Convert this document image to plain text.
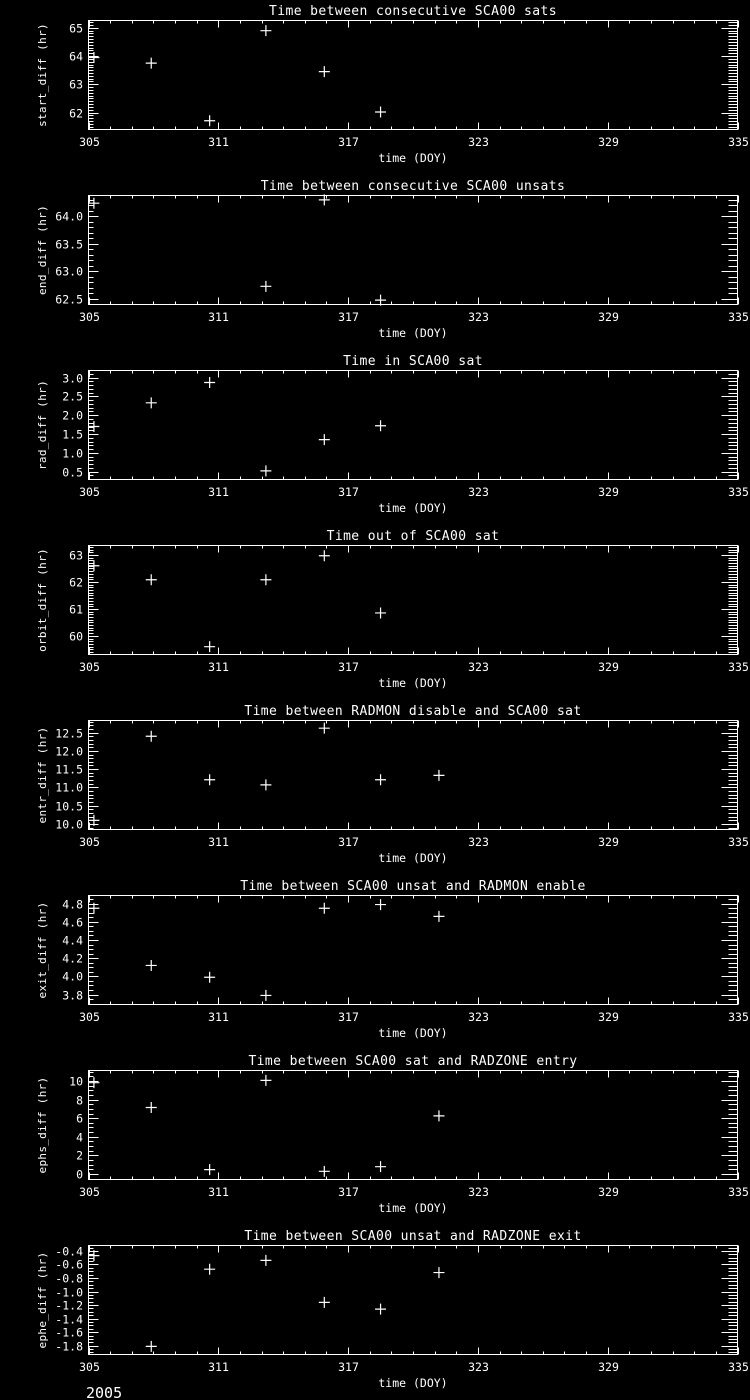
Time between consecutive SCA00 sats
start_diff (hr) 62
63
64
65
305	311	317	323	329	335
time (DOY)
Time between consecutive SCA00 unsats
end_diff (hr)
62.5
63.0
63.5
64.0
305	311	317	323	329	335
time (DOY)
Time in SCA00 sat
rad_diff (hr)
0.5
1.0
1.5
2.0
2.5
3.0
305	311	317	323	329	335
time (DOY)
Time out of SCA00 sat
orbit_diff (hr) 60
61
62
63
305	311	317	323	329	335
time (DOY)
Time between RADMON disable and SCA00 sat
entr_diff (hr)
10.0
10.5
11.0
11.5
12.0
12.5
305	311	317	323	329	335
time (DOY)
Time between SCA00 unsat and RADMON enable
exit_diff (hr) 3.8
4.0
4.2
4.4
4.6
4.8
305	311	317	323	329	335
time (DOY)
Time between SCA00 sat and RADZONE entry
ephs_diff (hr)
0
2
4
6
8
10
305	311	317	323	329	335
time (DOY)
Time between SCA00 unsat and RADZONE exit
ephe_diff (hr) -1.8
-1.6
-1.4
-1.2
-1.0
-0.8
-0.6
-0.4
305	311	317	323	329	335
time (DOY)
2005
